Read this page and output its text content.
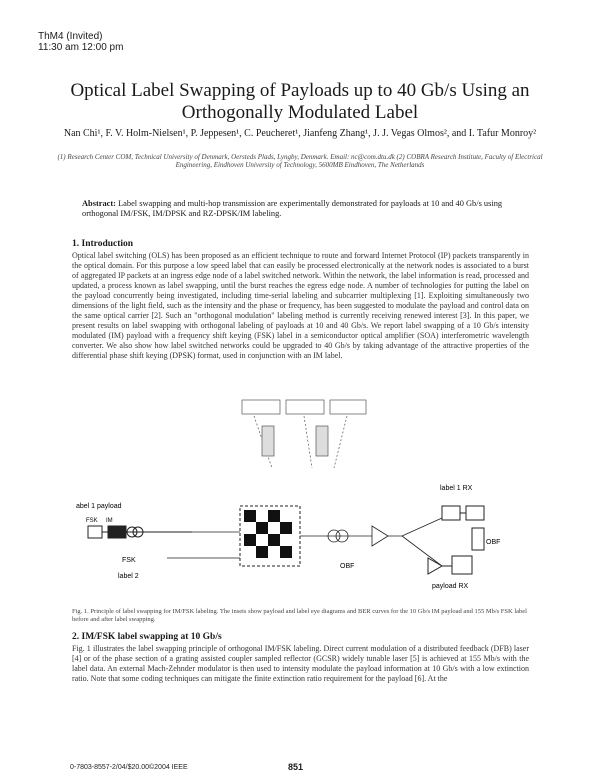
ThM4 (Invited)
11:30 am 12:00 pm
Optical Label Swapping of Payloads up to 40 Gb/s Using an Orthogonally Modulated Label
Nan Chi¹, F. V. Holm-Nielsen¹, P. Jeppesen¹, C. Peucheret¹, Jianfeng Zhang¹, J. J. Vegas Olmos², and I. Tafur Monroy²
(1) Research Center COM, Technical University of Denmark, Oersteds Plads, Lyngby, Denmark. Email: nc@com.dtu.dk (2) COBRA Research Institute, Faculty of Electrical Engineering, Eindhoven University of Technology, 5600MB Eindhoven, The Netherlands
Abstract: Label swapping and multi-hop transmission are experimentally demonstrated for payloads at 10 and 40 Gb/s using orthogonal IM/FSK, IM/DPSK and RZ-DPSK/IM labeling.
1. Introduction
Optical label switching (OLS) has been proposed as an efficient technique to route and forward Internet Protocol (IP) packets transparently in the optical domain. For this purpose a low speed label that can easily be processed electronically at the network nodes is associated to a burst of aggregated IP packets at an ingress edge node of a label switched network. Within the network, the label information is read, processed and updated, a process known as label swapping, until the burst reaches the egress edge node. A number of technologies for putting the label on the payload concurrently being investigated, including time-serial labeling and subcarrier multiplexing [1]. Exploiting simultaneously two dimensions of the light field, such as the intensity and the phase or frequency, has been suggested to modulate the payload and control data on the same optical carrier [2]. Such an "orthogonal modulation" labeling method is currently receiving renewed interest [3]. In this paper, we present results on label swapping with orthogonal labeling of payloads at 10 and 40 Gb/s. We report label swapping of a 10 Gb/s intensity modulated (IM) payload with a frequency shift keying (FSK) label in a semiconductor optical amplifier (SOA) interferometric wavelength converter. We also show how label switched networks could be upgraded to 40 Gb/s by taking advantage of the attractive properties of the differential phase shift keying (DPSK) format, used in conjunction with an IM label.
abel 1 payload
FSK IM
FSK
label 2
label 1 RX
OBF
OBF
payload RX
Fig. 1. Principle of label swapping for IM/FSK labeling. The insets show payload and label eye diagrams and BER curves for the 10 Gb/s IM payload and 155 Mb/s FSK label before and after label swapping.
2. IM/FSK label swapping at 10 Gb/s
Fig. 1 illustrates the label swapping principle of orthogonal IM/FSK labeling. Direct current modulation of a distributed feedback (DFB) laser [4] or of the phase section of a grating assisted coupler sampled reflector (GCSR) widely tunable laser [5] is achieved at 155 Mb/s with the label data. An external Mach-Zehnder modulator is then used to intensity modulate the payload information at 10 Gb/s with a low extinction ratio. Note that some coding techniques can mitigate the finite extinction ratio requirement for the payload [6]. At the
0-7803-8557-2/04/$20.00©2004 IEEE	851
